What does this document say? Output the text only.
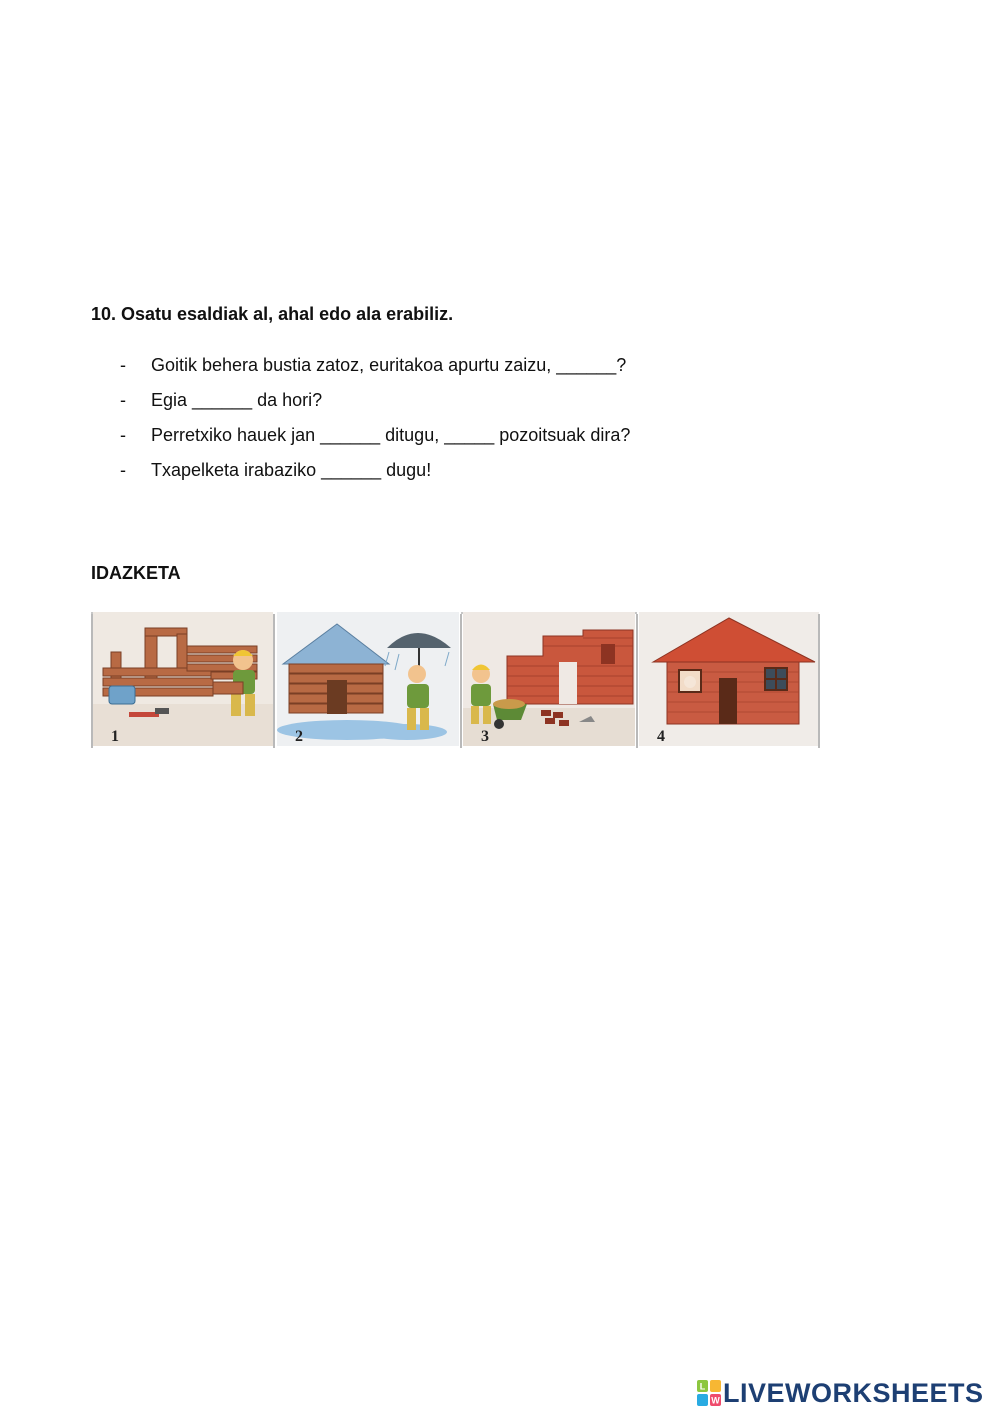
10. Osatu esaldiak al, ahal edo ala erabiliz.
-	Goitik behera bustia zatoz, euritakoa apurtu zaizu, ______?
-	Egia ______ da hori?
-	Perretxiko hauek jan ______ ditugu, _____ pozoitsuak dira?
-	Txapelketa irabaziko ______ dugu!
IDAZKETA
1	2	3	4
L
W LIVEWORKSHEETS
